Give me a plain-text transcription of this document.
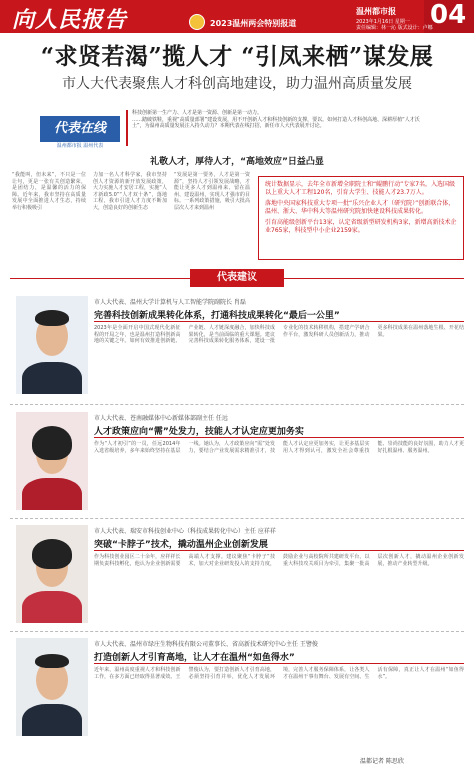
向人民报告	2023温州两会特别报道
温州都市报
2023年1月16日 星期一
责任编辑：林一沁 版式设计：卢娜
04
“求贤若渴”揽人才 “引凤来栖”谋发展
市人大代表聚焦人才科创高地建设，助力温州高质量发展
代表在线
温州都市报 温州代表
科技创新第一生产力、人才是第一资源、创新是第一动力。
……踏破铁鞋，重视“高质量部署”建设发展，用不开创新人才和科技创新的支撑，要以。如何打造人才科创高地、深耕厚植“人才沃
土”，为温州高质量发展注入持久动力？本期代表在线打招，新任市人大代表展开讨论。
礼敬人才，厚待人才，“高地效应”日益凸显
“我能叫，但未来”，不只是一位让句，更是一张有关创造繁荣，是团结力，是温馨的活力的保障。近年来，我市坚持在高质量发展中全面推进人才生态，持续举行积极吸引
力加一名人才科学家，我市坚持创人才资源的新开放发展政策，大力实施人才安居工程，实施“人才新政5.0”“人才双十条”，落地工程，我市引进人才力度不断加大，创造良好的创新生态
“发展是第一要务，人才是第一资源”，坚持人才引领发展战略，才能让更多人才到温州来、留在温州、建设温州，实现人才强市的目标。一系列政策措施，吸引大批高层次人才来到温州

统计数据显示，去年全市新增全职院士和“鲲鹏行动”专家7名，入选国级以上重大人才工程120名，引育大学生、技能人才23.7万人。

落地中央国家科技重大专项一批“乐兴企业人才（研究院）”创新联合体，温州、浙大、华中科大等温州研究院加快建设科技成果转化。

引育高能级创新平台13家，认定省级新型研发机构3家，新增高新技术企业765家，科技型中小企业2159家。

代表建议
市人大代表、温州大学计算机与人工智能学院副院长 肖磊
完善科技创新成果转化体系，打通科技成果转化“最后一公里”
2023年是全面开启中国式现代化新征程的开局之年，也是温州打造科创新高地的关键之年。如何有效推进创新链、产业链、人才链深度融合，加快科技成果转化，是当前面临的重大课题。建议完善科技成果转化服务体系，建设一批专业化的技术转移机构，搭建产学研合作平台，激发科研人员创新活力，推动更多科技成果在温州落地生根、开花结果。
市人大代表、苍南融媒体中心新媒体部副主任 任远
人才政策应向“需”处发力，技能人才认定应更加务实
作为“人才初引”的一员，任远2014年入选省级培养，多年来始终坚持在基层一线。她认为，人才政策应向“需”处发力，要结合产业发展需求精准引才，技能人才认定应更加务实，让更多基层实用人才得到认可，激发全社会尊重技能、崇尚技能的良好氛围，助力人才更好扎根温州、服务温州。
市人大代表、瑞安市科技创业中心（科技成果转化中心）主任 应祥祥
突破“卡脖子”技术，撬动温州企业创新发展
作为科技创业园区二十余年，应祥祥长期负责科技孵化，他认为企业创新需要高端人才支撑。建议聚焦“卡脖子”技术，加大对企业研发投入的支持力度，鼓励企业与高校院所共建研发平台，以重大科技攻关项目为牵引，集聚一批高层次创新人才，撬动温州企业创新发展，推动产业转型升级。
市人大代表、温州市绿庄生物科技有限公司董事长、省高新技术研究中心主任 王譬俊
打造创新人才引育高地，让人才在温州“如鱼得水”
近年来，温州高度重视人才和科技创新工作，在多方面已经取得显著成效。王譬俊认为，要打造创新人才引育高地，必须坚持引育并举，优化人才发展环境，完善人才服务保障体系，让各类人才在温州干事有舞台、发展有空间、生活有保障，真正让人才在温州“如鱼得水”。
温都记者 陈思欣
